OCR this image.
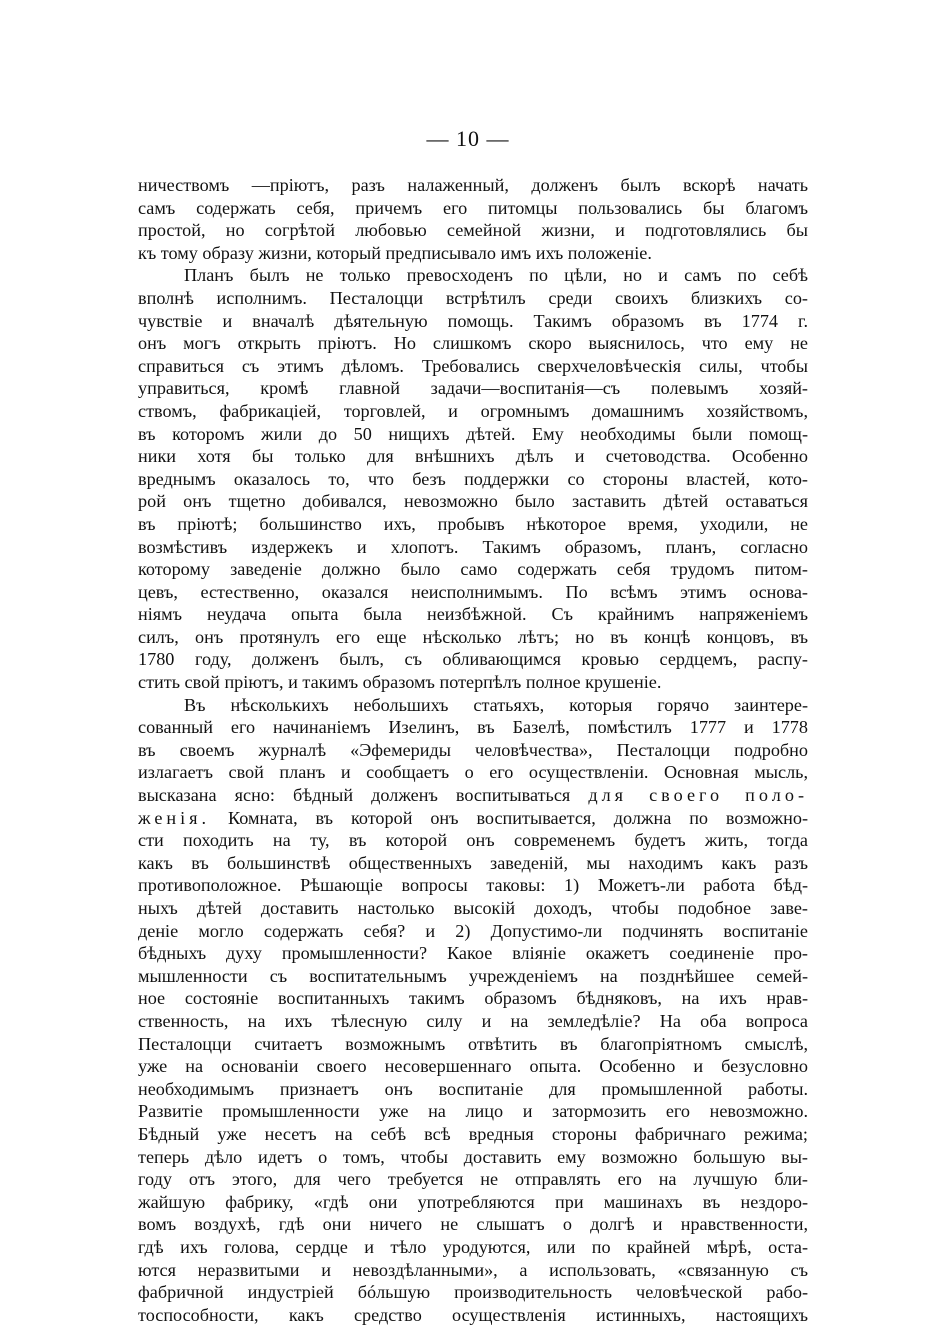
— 10 —
ничествомъ —пріютъ, разъ налаженный, долженъ былъ вскорѣ начать
самъ содержать себя, причемъ его питомцы пользовались бы благомъ
простой, но согрѣтой любовью семейной жизни, и подготовлялись бы
къ тому образу жизни, который предписывало имъ ихъ положеніе.
Планъ былъ не только превосходенъ по цѣли, но и самъ по себѣ
вполнѣ исполнимъ. Песталоцци встрѣтилъ среди своихъ близкихъ со-
чувствіе и вначалѣ дѣятельную помощь. Такимъ образомъ въ 1774 г.
онъ могъ открыть пріютъ. Но слишкомъ скоро выяснилось, что ему не
справиться съ этимъ дѣломъ. Требовались сверхчеловѣческія силы, чтобы
управиться, кромѣ главной задачи—воспитанія—съ полевымъ хозяй-
ствомъ, фабрикаціей, торговлей, и огромнымъ домашнимъ хозяйствомъ,
въ которомъ жили до 50 нищихъ дѣтей. Ему необходимы были помощ-
ники хотя бы только для внѣшнихъ дѣлъ и счетоводства. Особенно
вреднымъ оказалось то, что безъ поддержки со стороны властей, кото-
рой онъ тщетно добивался, невозможно было заставить дѣтей оставаться
въ пріютѣ; большинство ихъ, пробывъ нѣкоторое время, уходили, не
возмѣстивъ издержекъ и хлопотъ. Такимъ образомъ, планъ, согласно
которому заведеніе должно было само содержать себя трудомъ питом-
цевъ, естественно, оказался неисполнимымъ. По всѣмъ этимъ основа-
ніямъ неудача опыта была неизбѣжной. Съ крайнимъ напряженіемъ
силъ, онъ протянулъ его еще нѣсколько лѣтъ; но въ концѣ концовъ, въ
1780 году, долженъ былъ, съ обливающимся кровью сердцемъ, распу-
стить свой пріютъ, и такимъ образомъ потерпѣлъ полное крушеніе.
Въ нѣсколькихъ небольшихъ статьяхъ, которыя горячо заинтере-
сованный его начинаніемъ Изелинъ, въ Базелѣ, помѣстилъ 1777 и 1778
въ своемъ журналѣ «Эфемериды человѣчества», Песталоцци подробно
излагаетъ свой планъ и сообщаетъ о его осуществленіи. Основная мысль,
высказана ясно: бѣдный долженъ воспитываться для своего поло-
женія. Комната, въ которой онъ воспитывается, должна по возможно-
сти походить на ту, въ которой онъ современемъ будетъ жить, тогда
какъ въ большинствѣ общественныхъ заведеній, мы находимъ какъ разъ
противоположное. Рѣшающіе вопросы таковы: 1) Можетъ-ли работа бѣд-
ныхъ дѣтей доставить настолько высокій доходъ, чтобы подобное заве-
деніе могло содержать себя? и 2) Допустимо-ли подчинять воспитаніе
бѣдныхъ духу промышленности? Какое вліяніе окажетъ соединеніе про-
мышленности съ воспитательнымъ учрежденіемъ на позднѣйшее семей-
ное состояніе воспитанныхъ такимъ образомъ бѣдняковъ, на ихъ нрав-
ственность, на ихъ тѣлесную силу и на земледѣліе? На оба вопроса
Песталоцци считаетъ возможнымъ отвѣтить въ благопріятномъ смыслѣ,
уже на основаніи своего несовершеннаго опыта. Особенно и безусловно
необходимымъ признаетъ онъ воспитаніе для промышленной работы.
Развитіе промышленности уже на лицо и затормозить его невозможно.
Бѣдный уже несетъ на себѣ всѣ вредныя стороны фабричнаго режима;
теперь дѣло идетъ о томъ, чтобы доставить ему возможно большую вы-
году отъ этого, для чего требуется не отправлять его на лучшую бли-
жайшую фабрику, «гдѣ они употребляются при машинахъ въ нездоро-
вомъ воздухѣ, гдѣ они ничего не слышатъ о долгѣ и нравственности,
гдѣ ихъ голова, сердце и тѣло уродуются, или по крайней мѣрѣ, оста-
ются неразвитыми и невоздѣланными», а использовать, «связанную съ
фабричной индустріей бóльшую производительность человѣческой рабо-
тоспособности, какъ средство осуществленія истинныхъ, настоящихъ
